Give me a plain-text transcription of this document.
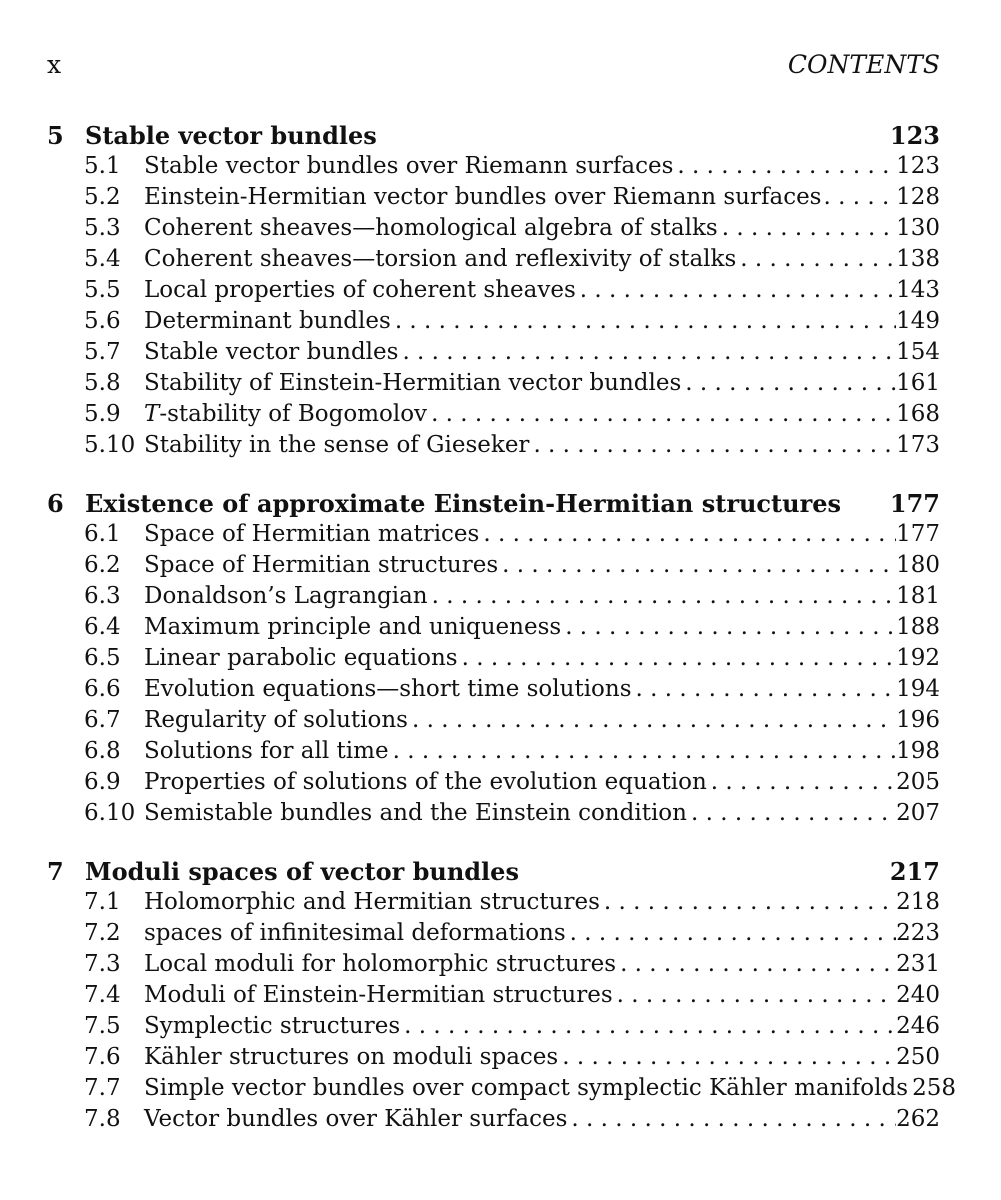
x	CONTENTS
5 Stable vector bundles	123
5.1	Stable vector bundles over Riemann surfaces . . .	123
5.2	Einstein-Hermitian vector bundles over Riemann surfaces . . .	128
5.3	Coherent sheaves—homological algebra of stalks . . .	130
5.4	Coherent sheaves—torsion and reflexivity of stalks . . .	138
5.5	Local properties of coherent sheaves . . .	143
5.6	Determinant bundles . . .	149
5.7	Stable vector bundles . . .	154
5.8	Stability of Einstein-Hermitian vector bundles . . .	161
5.9	T-stability of Bogomolov . . .	168
5.10 Stability in the sense of Gieseker . . .	173
6 Existence of approximate Einstein-Hermitian structures	177
6.1	Space of Hermitian matrices . . .	177
6.2	Space of Hermitian structures . . .	180
6.3	Donaldson’s Lagrangian . . .	181
6.4	Maximum principle and uniqueness . . .	188
6.5	Linear parabolic equations . . .	192
6.6	Evolution equations—short time solutions . . .	194
6.7	Regularity of solutions . . .	196
6.8	Solutions for all time . . .	198
6.9	Properties of solutions of the evolution equation . . .	205
6.10 Semistable bundles and the Einstein condition . . .	207
7 Moduli spaces of vector bundles	217
7.1	Holomorphic and Hermitian structures . . .	218
7.2	spaces of infinitesimal deformations . . .	223
7.3	Local moduli for holomorphic structures . . .	231
7.4	Moduli of Einstein-Hermitian structures . . .	240
7.5	Symplectic structures . . .	246
7.6	Kähler structures on moduli spaces . . .	250
7.7	Simple vector bundles over compact symplectic Kähler manifolds . . . 258
7.8	Vector bundles over Kähler surfaces . . .	262
